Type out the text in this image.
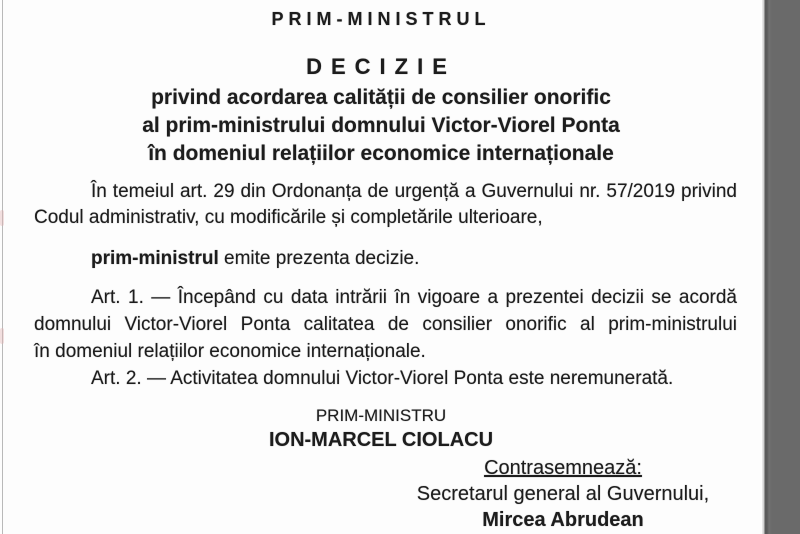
PRIM-MINISTRUL
DECIZIE
privind acordarea calității de consilier onorific
al prim-ministrului domnului Victor-Viorel Ponta
în domeniul relațiilor economice internaționale
În temeiul art. 29 din Ordonanța de urgență a Guvernului nr. 57/2019 privind
Codul administrativ, cu modificările și completările ulterioare,
prim-ministrul emite prezenta decizie.
Art. 1. — Începând cu data intrării în vigoare a prezentei decizii se acordă
domnului Victor-Viorel Ponta calitatea de consilier onorific al prim-ministrului
în domeniul relațiilor economice internaționale.
Art. 2. — Activitatea domnului Victor-Viorel Ponta este neremunerată.
PRIM-MINISTRU
ION-MARCEL CIOLACU
Contrasemnează:
Secretarul general al Guvernului,
Mircea Abrudean
